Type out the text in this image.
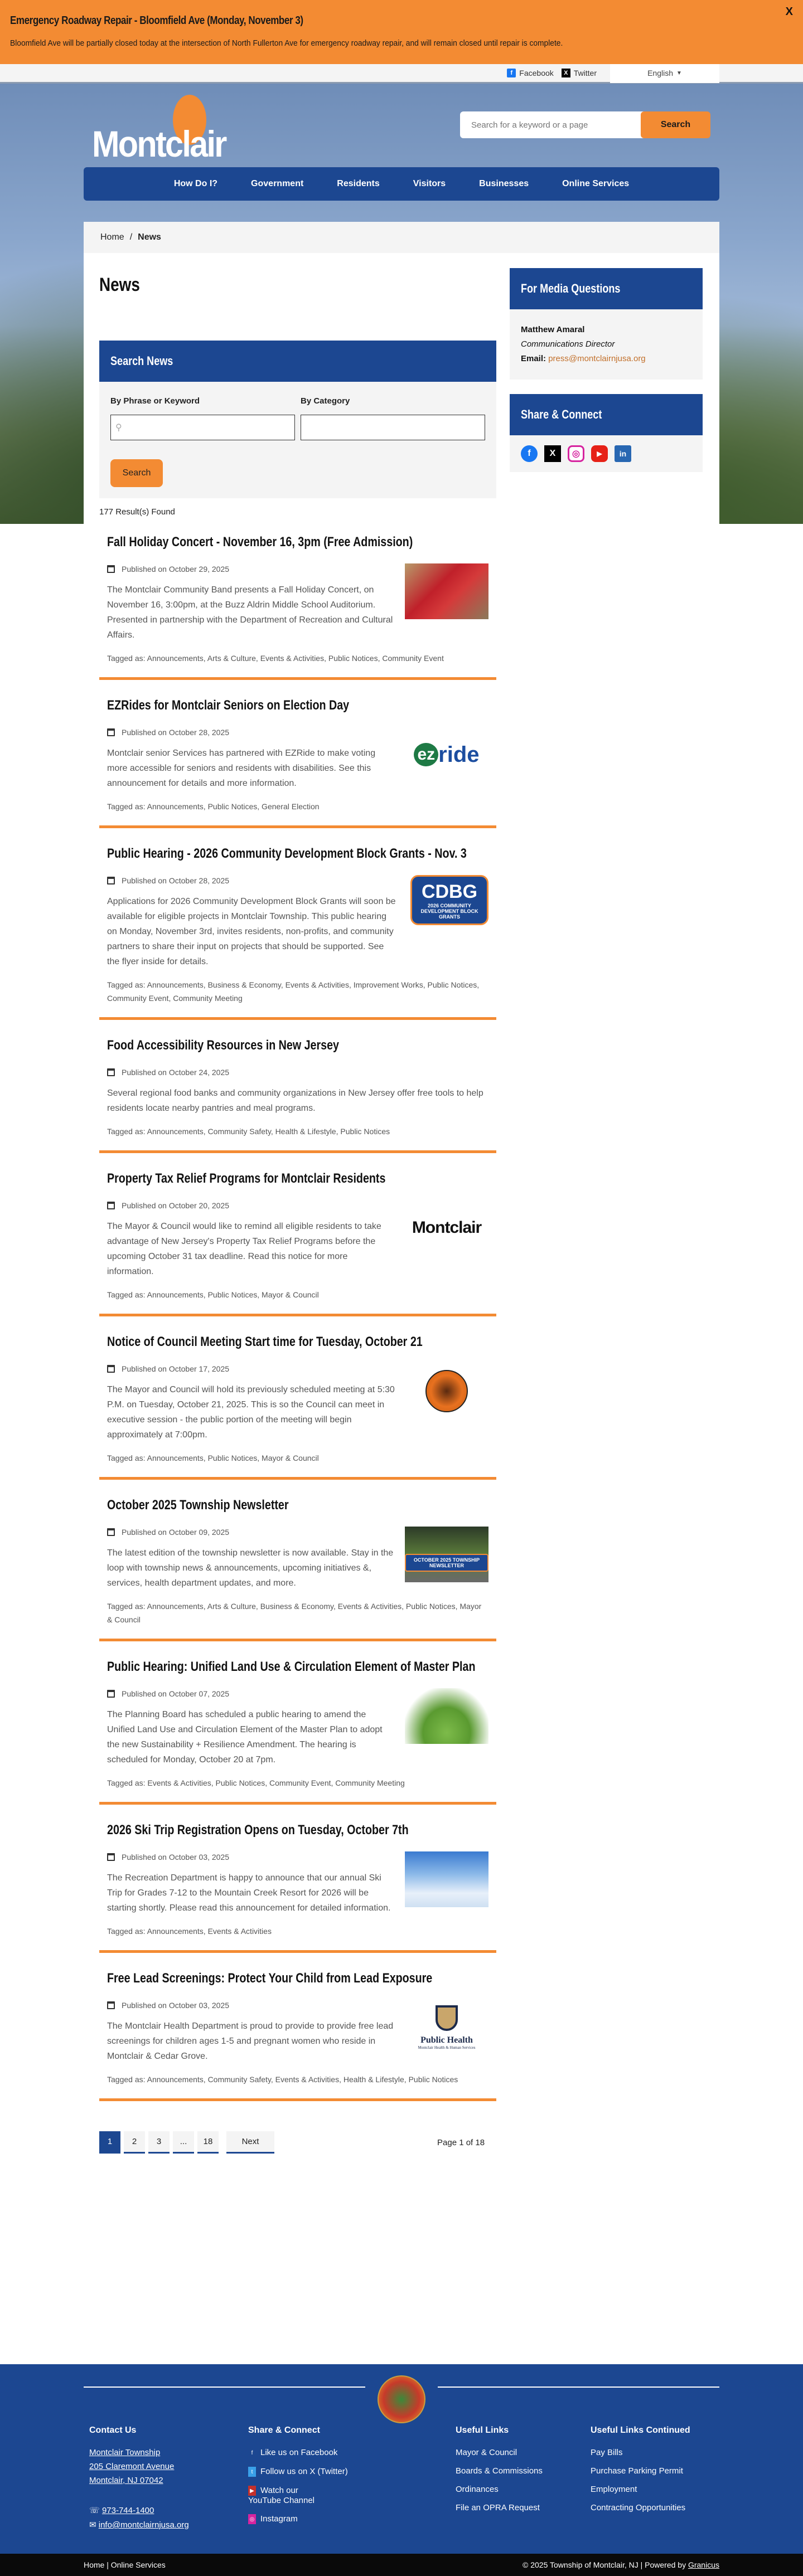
Emergency Roadway Repair - Bloomfield Ave (Monday, November 3)
Bloomfield Ave will be partially closed today at the intersection of North Fullerton Ave for emergency roadway repair, and will remain closed until repair is complete.
X
f Facebook	X Twitter	English ▼
Montclair
Search for a keyword or a page	Search
How Do I?	Government	Residents	Visitors	Businesses	Online Services
Home / News
News
Search News
By Phrase or Keyword
⚲
By Category
Search
177 Result(s) Found
Fall Holiday Concert - November 16, 3pm (Free Admission)
Published on October 29, 2025
The Montclair Community Band presents a Fall Holiday Concert, on November 16, 3:00pm, at the Buzz Aldrin Middle School Auditorium. Presented in partnership with the Department of Recreation and Cultural Affairs.
Tagged as: Announcements, Arts & Culture, Events & Activities, Public Notices, Community Event
EZRides for Montclair Seniors on Election Day
Published on October 28, 2025
Montclair senior Services has partnered with EZRide to make voting more accessible for seniors and residents with disabilities. See this announcement for details and more information.
ez ride
Tagged as: Announcements, Public Notices, General Election
Public Hearing - 2026 Community Development Block Grants - Nov. 3
Published on October 28, 2025
Applications for 2026 Community Development Block Grants will soon be available for eligible projects in Montclair Township. This public hearing on Monday, November 3rd, invites residents, non-profits, and community partners to share their input on projects that should be supported. See the flyer inside for details.
CDBG
2026 COMMUNITY DEVELOPMENT BLOCK GRANTS
Tagged as: Announcements, Business & Economy, Events & Activities, Improvement Works, Public Notices, Community Event, Community Meeting
Food Accessibility Resources in New Jersey
Published on October 24, 2025
Several regional food banks and community organizations in New Jersey offer free tools to help residents locate nearby pantries and meal programs.
Tagged as: Announcements, Community Safety, Health & Lifestyle, Public Notices
Property Tax Relief Programs for Montclair Residents
Published on October 20, 2025
The Mayor & Council would like to remind all eligible residents to take advantage of New Jersey's Property Tax Relief Programs before the upcoming October 31 tax deadline. Read this notice for more information.
Montclair
Tagged as: Announcements, Public Notices, Mayor & Council
Notice of Council Meeting Start time for Tuesday, October 21
Published on October 17, 2025
The Mayor and Council will hold its previously scheduled meeting at 5:30 P.M. on Tuesday, October 21, 2025. This is so the Council can meet in executive session - the public portion of the meeting will begin approximately at 7:00pm.
Tagged as: Announcements, Public Notices, Mayor & Council
October 2025 Township Newsletter
Published on October 09, 2025
The latest edition of the township newsletter is now available. Stay in the loop with township news & announcements, upcoming initiatives &, services, health department updates, and more.
OCTOBER 2025 TOWNSHIP NEWSLETTER
Tagged as: Announcements, Arts & Culture, Business & Economy, Events & Activities, Public Notices, Mayor & Council
Public Hearing: Unified Land Use & Circulation Element of Master Plan
Published on October 07, 2025
The Planning Board has scheduled a public hearing to amend the Unified Land Use and Circulation Element of the Master Plan to adopt the new Sustainability + Resilience Amendment. The hearing is scheduled for Monday, October 20 at 7pm.
Tagged as: Events & Activities, Public Notices, Community Event, Community Meeting
2026 Ski Trip Registration Opens on Tuesday, October 7th
Published on October 03, 2025
The Recreation Department is happy to announce that our annual Ski Trip for Grades 7-12 to the Mountain Creek Resort for 2026 will be starting shortly. Please read this announcement for detailed information.
Tagged as: Announcements, Events & Activities
Free Lead Screenings: Protect Your Child from Lead Exposure
Published on October 03, 2025
The Montclair Health Department is proud to provide to provide free lead screenings for children ages 1-5 and pregnant women who reside in Montclair & Cedar Grove.
Public Health
Montclair Health & Human Services
Tagged as: Announcements, Community Safety, Events & Activities, Health & Lifestyle, Public Notices
1	2	3	...	18	Next	Page 1 of 18
For Media Questions
Matthew Amaral
Communications Director
Email: press@montclairnjusa.org
Share & Connect
f	X	◎	▶	in
Contact Us
Montclair Township
205 Claremont Avenue
Montclair, NJ 07042
☏ 973-744-1400
✉ info@montclairnjusa.org
Share & Connect
f Like us on Facebook
t Follow us on X (Twitter)
▶ Watch our YouTube Channel
◎ Instagram
Useful Links
Mayor & Council
Boards & Commissions
Ordinances
File an OPRA Request
Useful Links Continued
Pay Bills
Purchase Parking Permit
Employment
Contracting Opportunities
Home | Online Services	© 2025 Township of Montclair, NJ | Powered by Granicus
